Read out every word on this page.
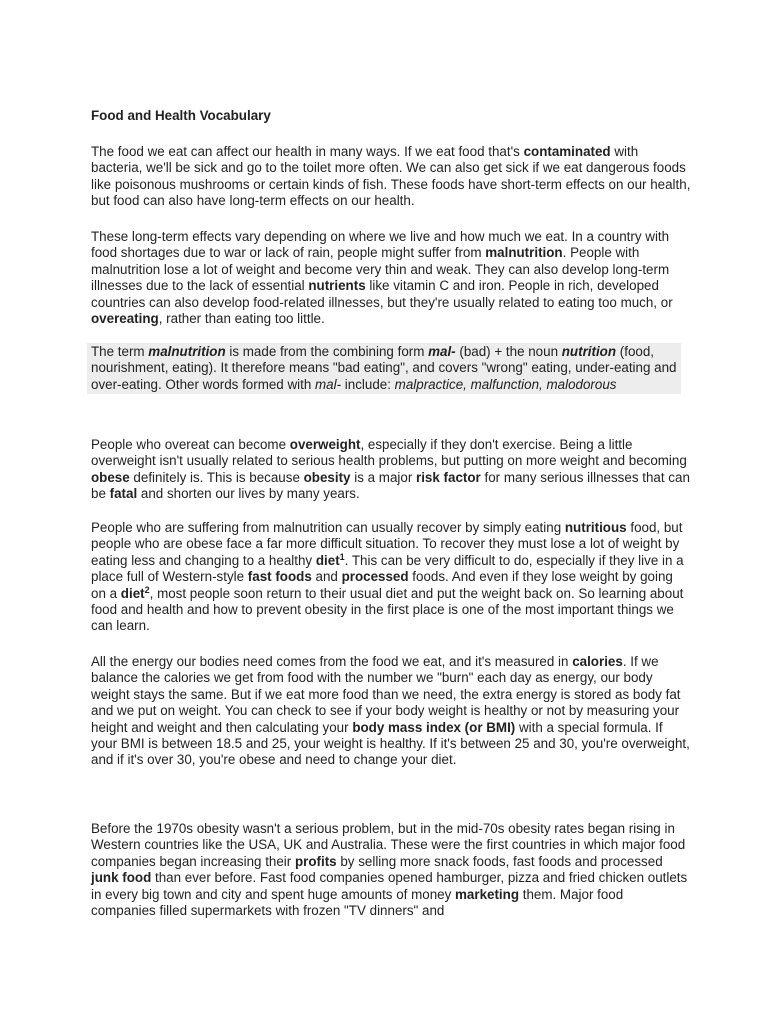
Food and Health Vocabulary

The food we eat can affect our health in many ways. If we eat food that's contaminated with bacteria, we'll be sick and go to the toilet more often. We can also get sick if we eat dangerous foods like poisonous mushrooms or certain kinds of fish. These foods have short-term effects on our health, but food can also have long-term effects on our health.

These long-term effects vary depending on where we live and how much we eat. In a country with food shortages due to war or lack of rain, people might suffer from malnutrition. People with malnutrition lose a lot of weight and become very thin and weak. They can also develop long-term illnesses due to the lack of essential nutrients like vitamin C and iron. People in rich, developed countries can also develop food-related illnesses, but they're usually related to eating too much, or overeating, rather than eating too little.

The term malnutrition is made from the combining form mal- (bad) + the noun nutrition (food, nourishment, eating). It therefore means "bad eating", and covers "wrong" eating, under-eating and over-eating. Other words formed with mal- include: malpractice, malfunction, malodorous

People who overeat can become overweight, especially if they don't exercise. Being a little overweight isn't usually related to serious health problems, but putting on more weight and becoming obese definitely is. This is because obesity is a major risk factor for many serious illnesses that can be fatal and shorten our lives by many years.

People who are suffering from malnutrition can usually recover by simply eating nutritious food, but people who are obese face a far more difficult situation. To recover they must lose a lot of weight by eating less and changing to a healthy diet$^1$. This can be very difficult to do, especially if they live in a place full of Western-style fast foods and processed foods. And even if they lose weight by going on a diet$^2$, most people soon return to their usual diet and put the weight back on. So learning about food and health and how to prevent obesity in the first place is one of the most important things we can learn.

All the energy our bodies need comes from the food we eat, and it's measured in calories. If we balance the calories we get from food with the number we "burn" each day as energy, our body weight stays the same. But if we eat more food than we need, the extra energy is stored as body fat and we put on weight. You can check to see if your body weight is healthy or not by measuring your height and weight and then calculating your body mass index (or BMI) with a special formula. If your BMI is between 18.5 and 25, your weight is healthy. If it's between 25 and 30, you're overweight, and if it's over 30, you're obese and need to change your diet.

Before the 1970s obesity wasn't a serious problem, but in the mid-70s obesity rates began rising in Western countries like the USA, UK and Australia. These were the first countries in which major food companies began increasing their profits by selling more snack foods, fast foods and processed junk food than ever before. Fast food companies opened hamburger, pizza and fried chicken outlets in every big town and city and spent huge amounts of money marketing them. Major food companies filled supermarkets with frozen "TV dinners" and
